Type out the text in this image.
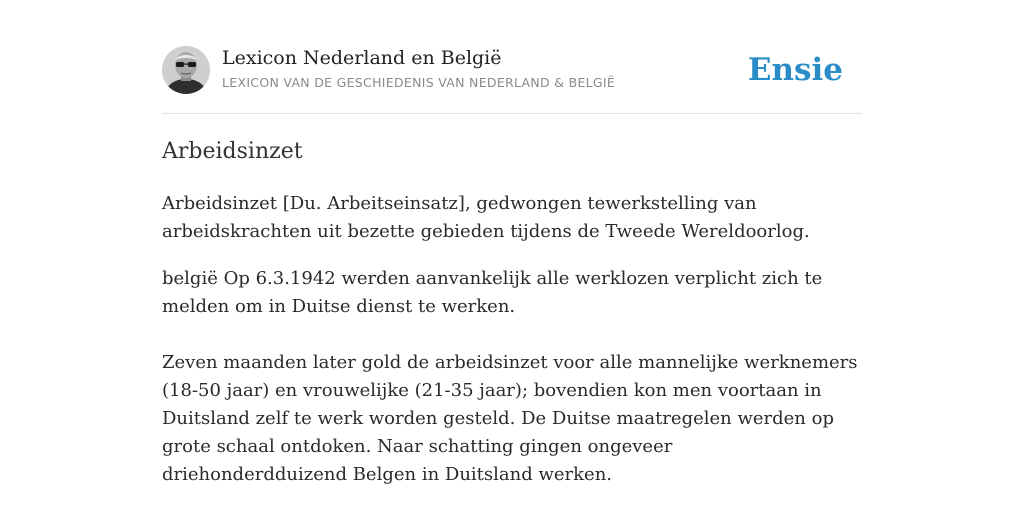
Lexicon Nederland en België
LEXICON VAN DE GESCHIEDENIS VAN NEDERLAND & BELGIË	Ensie
Arbeidsinzet

Arbeidsinzet [Du. Arbeitseinsatz], gedwongen tewerkstelling van arbeidskrachten uit bezette gebieden tijdens de Tweede Wereldoorlog.

belgië Op 6.3.1942 werden aanvankelijk alle werklozen verplicht zich te melden om in Duitse dienst te werken.

Zeven maanden later gold de arbeidsinzet voor alle mannelijke werknemers (18-50 jaar) en vrouwelijke (21-35 jaar); bovendien kon men voortaan in Duitsland zelf te werk worden gesteld. De Duitse maatregelen werden op grote schaal ontdoken. Naar schatting gingen ongeveer driehonderdduizend Belgen in Duitsland werken.
